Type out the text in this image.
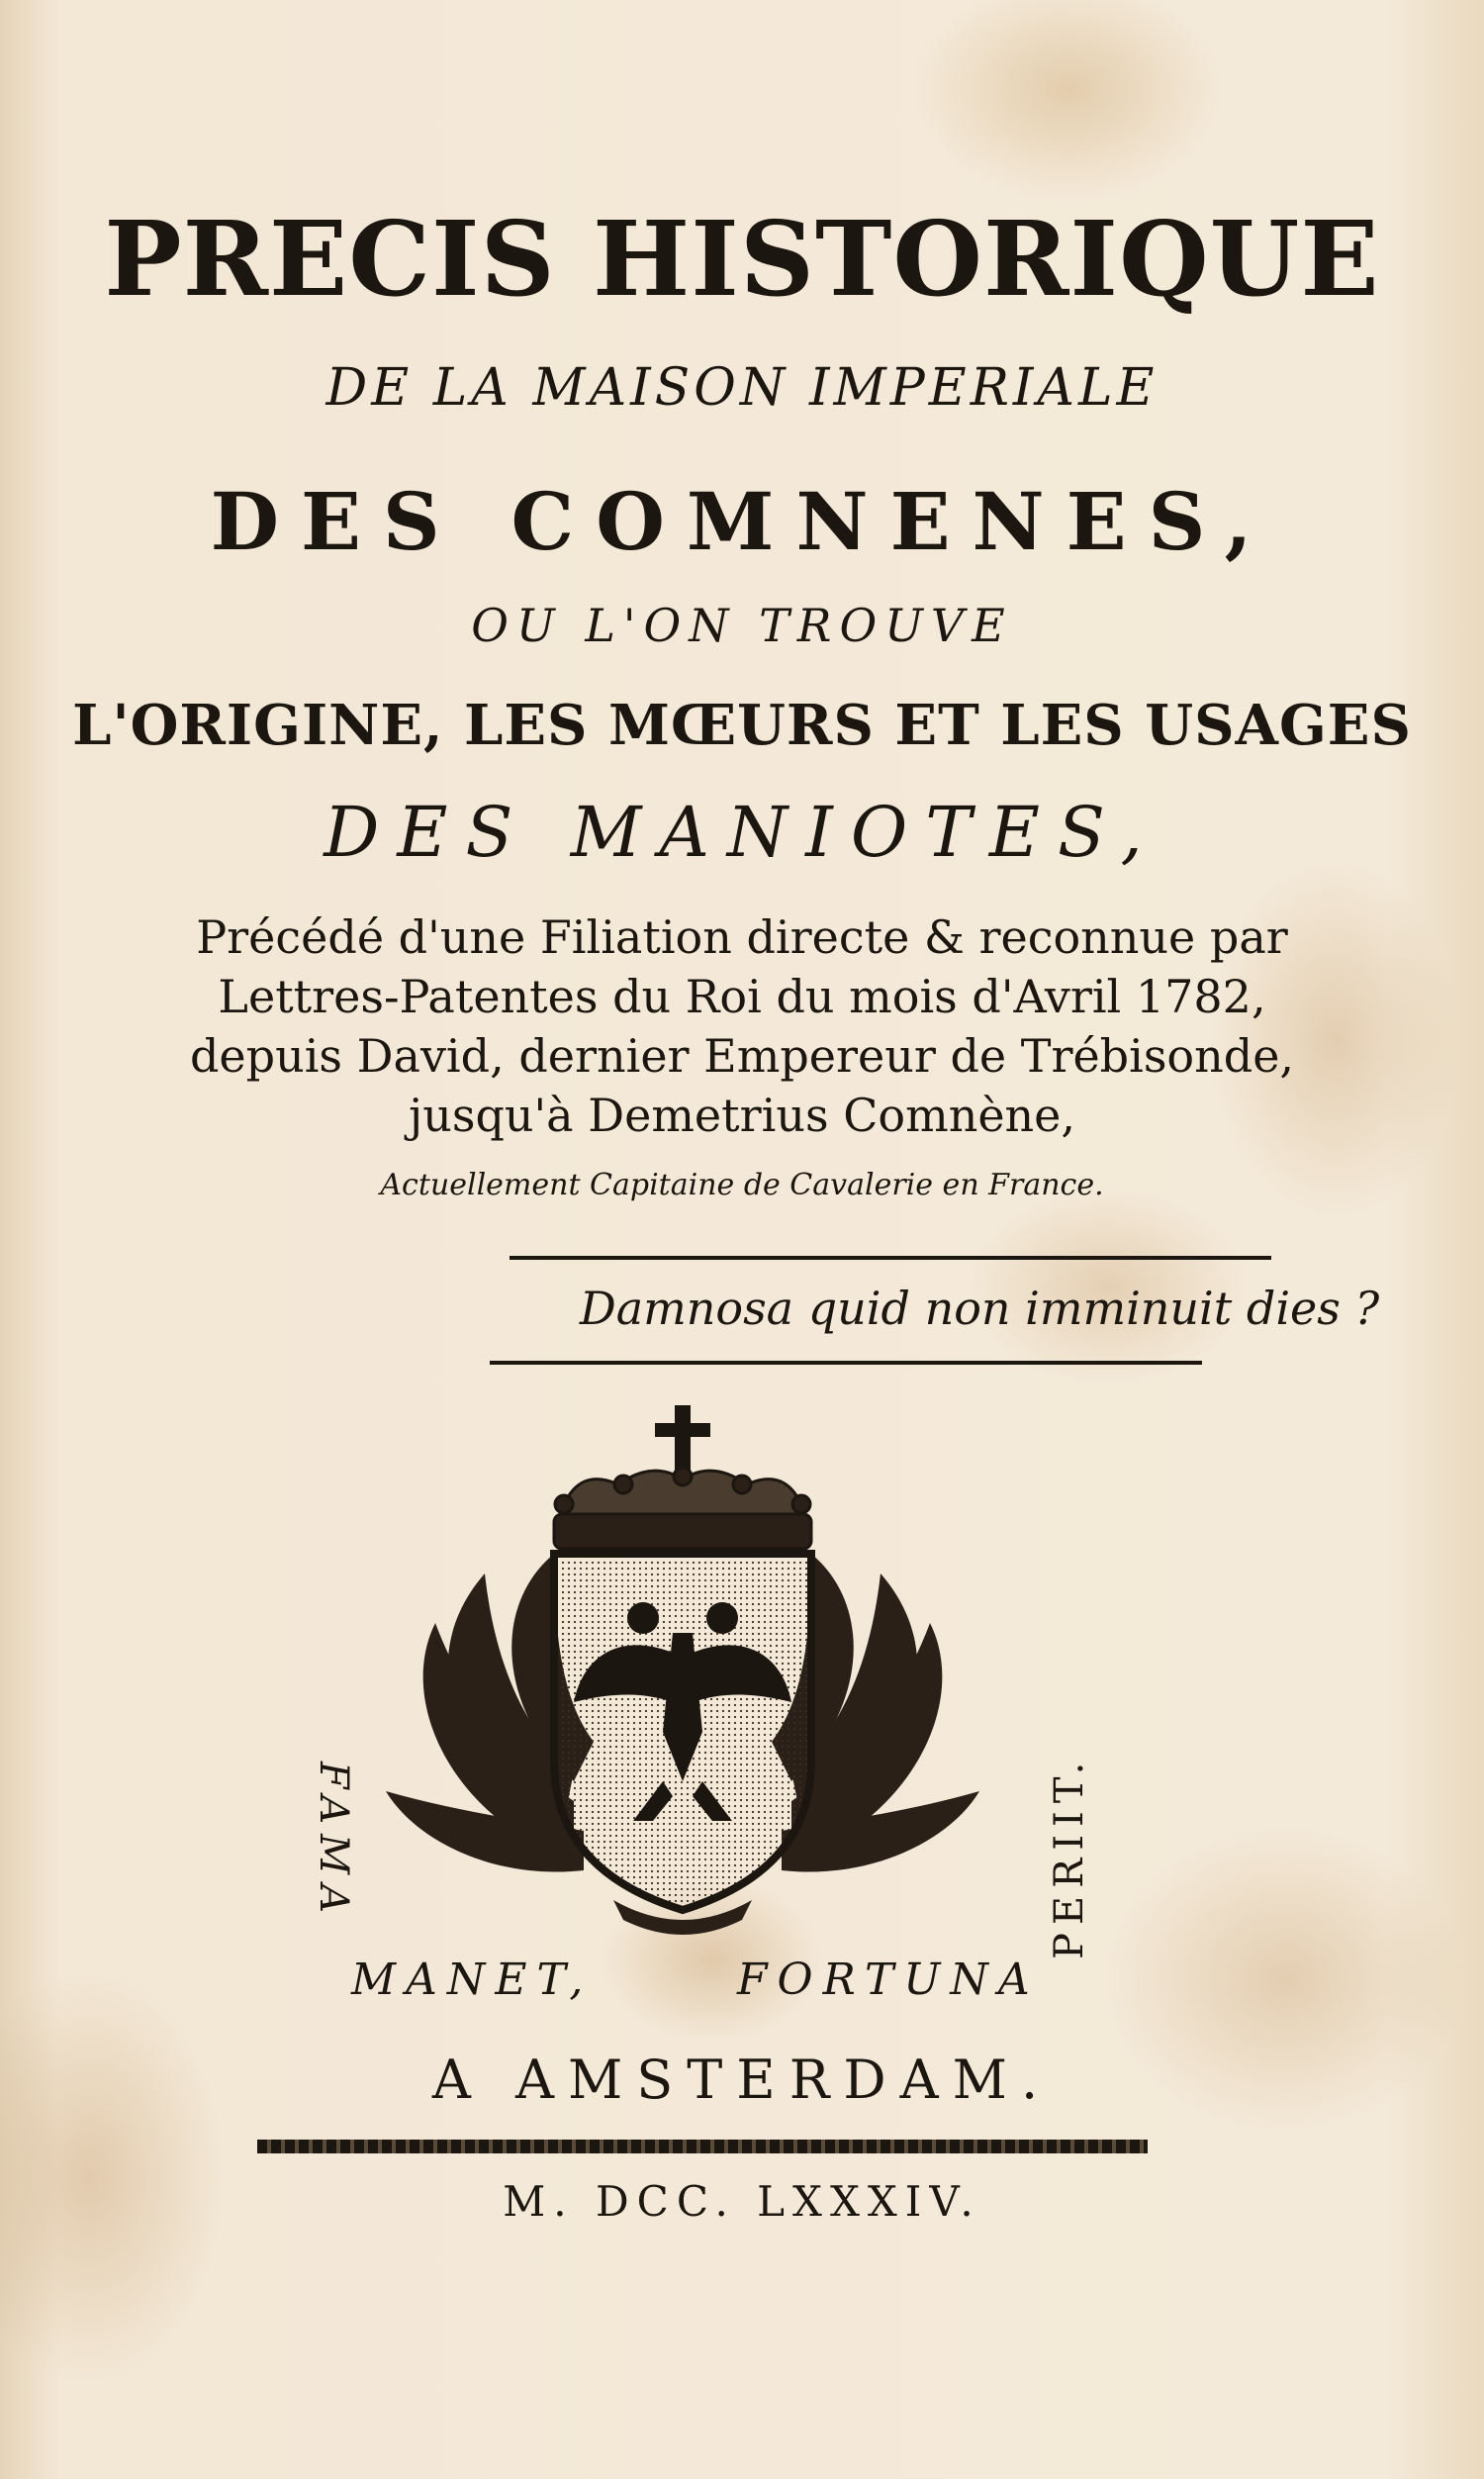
PRECIS HISTORIQUE
DE LA MAISON IMPERIALE
DES COMNENES,
OU L'ON TROUVE
L'ORIGINE, LES MŒURS ET LES USAGES
DES MANIOTES,
Précédé d'une Filiation directe & reconnue par
Lettres-Patentes du Roi du mois d'Avril 1782,
depuis David, dernier Empereur de Trébisonde,
jusqu'à Demetrius Comnène,
Actuellement Capitaine de Cavalerie en France.
Damnosa quid non imminuit dies ?
FAMA	PERIIT.
MANET,	FORTUNA
A AMSTERDAM.
M. DCC. LXXXIV.
